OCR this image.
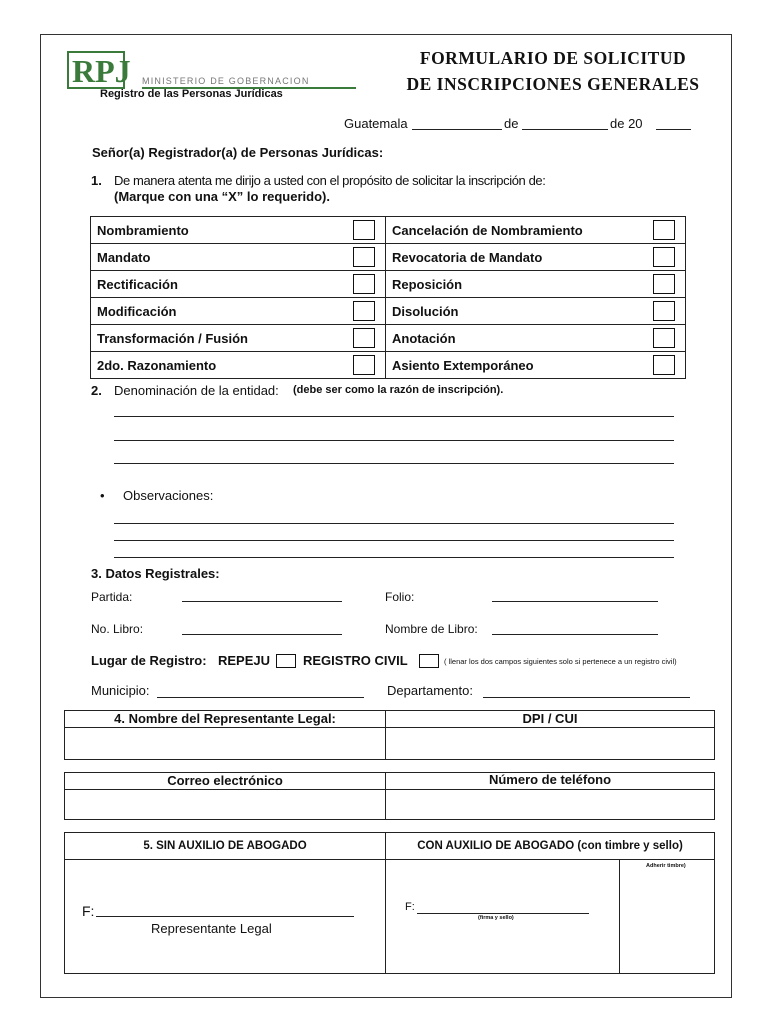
RPJ MINISTERIO DE GOBERNACION
Registro de las Personas Jurídicas
FORMULARIO DE SOLICITUD
DE INSCRIPCIONES GENERALES
Guatemala	de	de 20
Señor(a) Registrador(a) de Personas Jurídicas:
1. De manera atenta me dirijo a usted con el propósito de solicitar la inscripción de:
(Marque con una “X” lo requerido).
Nombramiento	Cancelación de Nombramiento

Mandato	Revocatoria de Mandato

Rectificación	Reposición

Modificación	Disolución

Transformación / Fusión	Anotación

2do. Razonamiento	Asiento Extemporáneo
2. Denominación de la entidad: (debe ser como la razón de inscripción).
• Observaciones:
3. Datos Registrales:
Partida:	Folio:
No. Libro:	Nombre de Libro:
Lugar de Registro: REPEJU	REGISTRO CIVIL	( llenar los dos campos siguientes solo si pertenece a un registro civil)
Municipio:	Departamento:
4. Nombre del Representante Legal:	DPI / CUI
Correo electrónico	Número de teléfono
5. SIN AUXILIO DE ABOGADO	CON AUXILIO DE ABOGADO (con timbre y sello)
Adherir timbre)
F:
Representante Legal
F:
(firma y sello)
